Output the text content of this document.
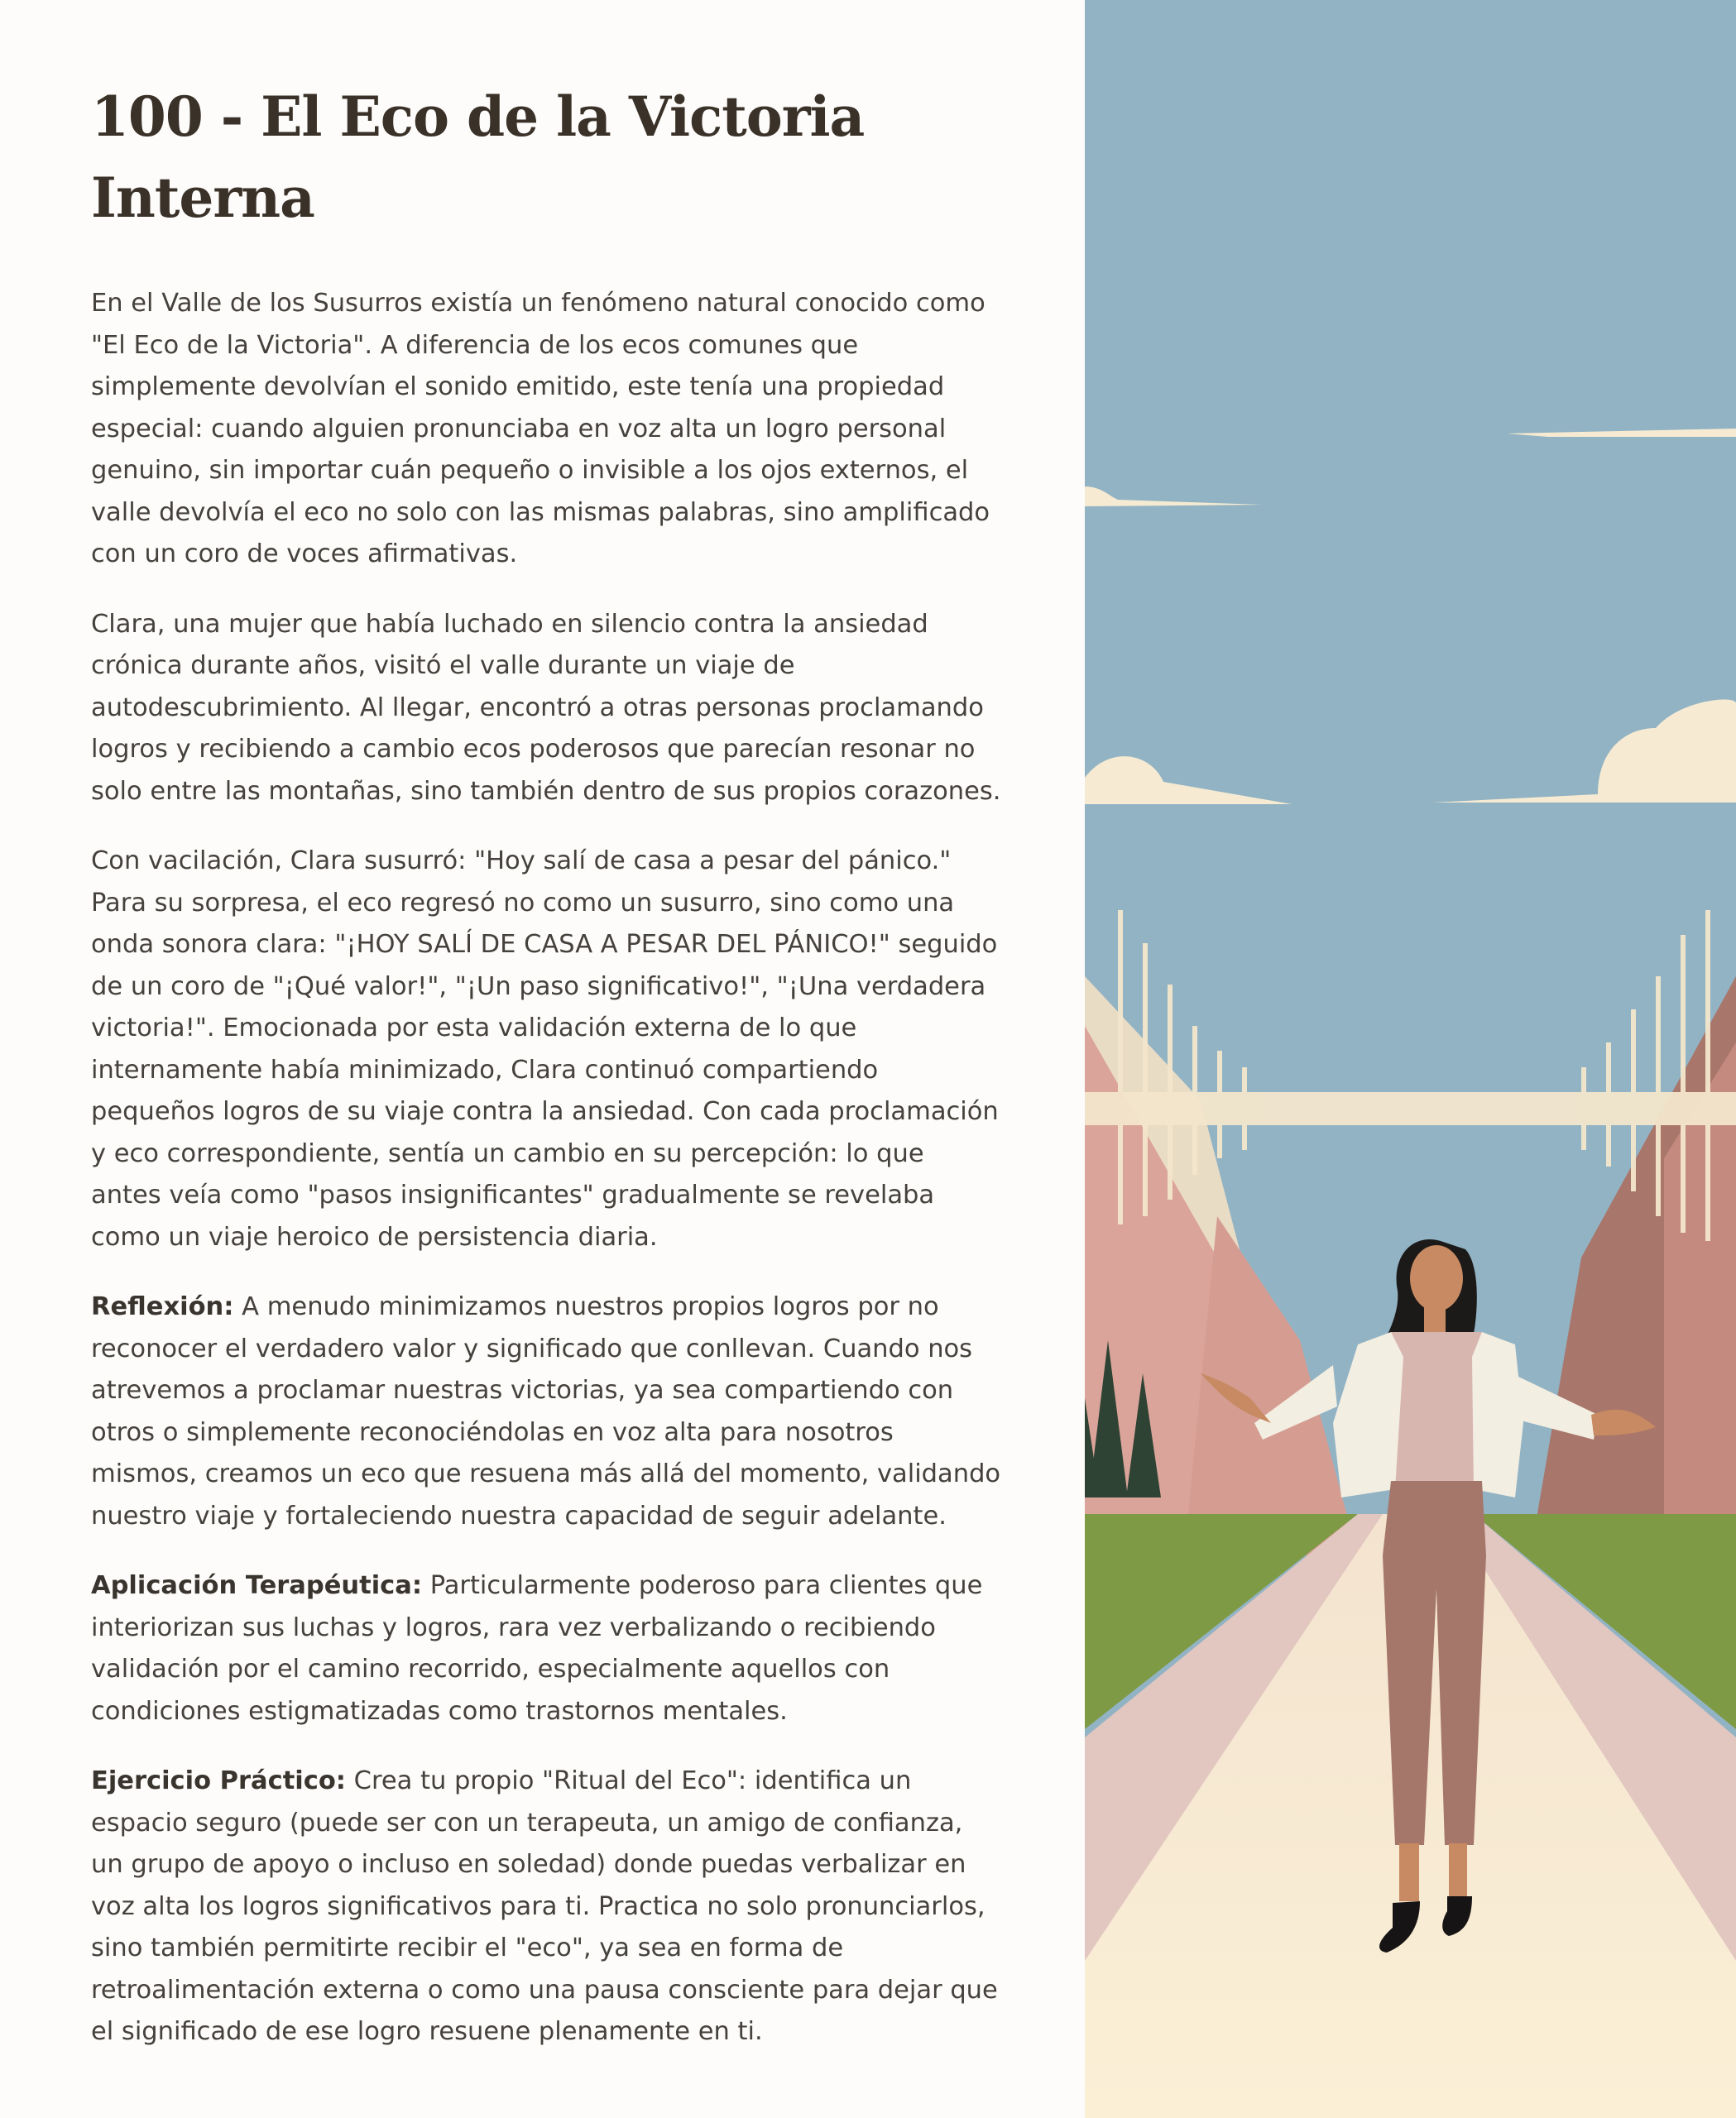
100 - El Eco de la Victoria Interna

En el Valle de los Susurros existía un fenómeno natural conocido como "El Eco de la Victoria". A diferencia de los ecos comunes que simplemente devolvían el sonido emitido, este tenía una propiedad especial: cuando alguien pronunciaba en voz alta un logro personal genuino, sin importar cuán pequeño o invisible a los ojos externos, el valle devolvía el eco no solo con las mismas palabras, sino amplificado con un coro de voces afirmativas.

Clara, una mujer que había luchado en silencio contra la ansiedad crónica durante años, visitó el valle durante un viaje de autodescubrimiento. Al llegar, encontró a otras personas proclamando logros y recibiendo a cambio ecos poderosos que parecían resonar no solo entre las montañas, sino también dentro de sus propios corazones.

Con vacilación, Clara susurró: "Hoy salí de casa a pesar del pánico." Para su sorpresa, el eco regresó no como un susurro, sino como una onda sonora clara: "¡HOY SALÍ DE CASA A PESAR DEL PÁNICO!" seguido de un coro de "¡Qué valor!", "¡Un paso significativo!", "¡Una verdadera victoria!". Emocionada por esta validación externa de lo que internamente había minimizado, Clara continuó compartiendo pequeños logros de su viaje contra la ansiedad. Con cada proclamación y eco correspondiente, sentía un cambio en su percepción: lo que antes veía como "pasos insignificantes" gradualmente se revelaba como un viaje heroico de persistencia diaria.

Reflexión: A menudo minimizamos nuestros propios logros por no reconocer el verdadero valor y significado que conllevan. Cuando nos atrevemos a proclamar nuestras victorias, ya sea compartiendo con otros o simplemente reconociéndolas en voz alta para nosotros mismos, creamos un eco que resuena más allá del momento, validando nuestro viaje y fortaleciendo nuestra capacidad de seguir adelante.

Aplicación Terapéutica: Particularmente poderoso para clientes que interiorizan sus luchas y logros, rara vez verbalizando o recibiendo validación por el camino recorrido, especialmente aquellos con condiciones estigmatizadas como trastornos mentales.

Ejercicio Práctico: Crea tu propio "Ritual del Eco": identifica un espacio seguro (puede ser con un terapeuta, un amigo de confianza, un grupo de apoyo o incluso en soledad) donde puedas verbalizar en voz alta los logros significativos para ti. Practica no solo pronunciarlos, sino también permitirte recibir el "eco", ya sea en forma de retroalimentación externa o como una pausa consciente para dejar que el significado de ese logro resuene plenamente en ti.
